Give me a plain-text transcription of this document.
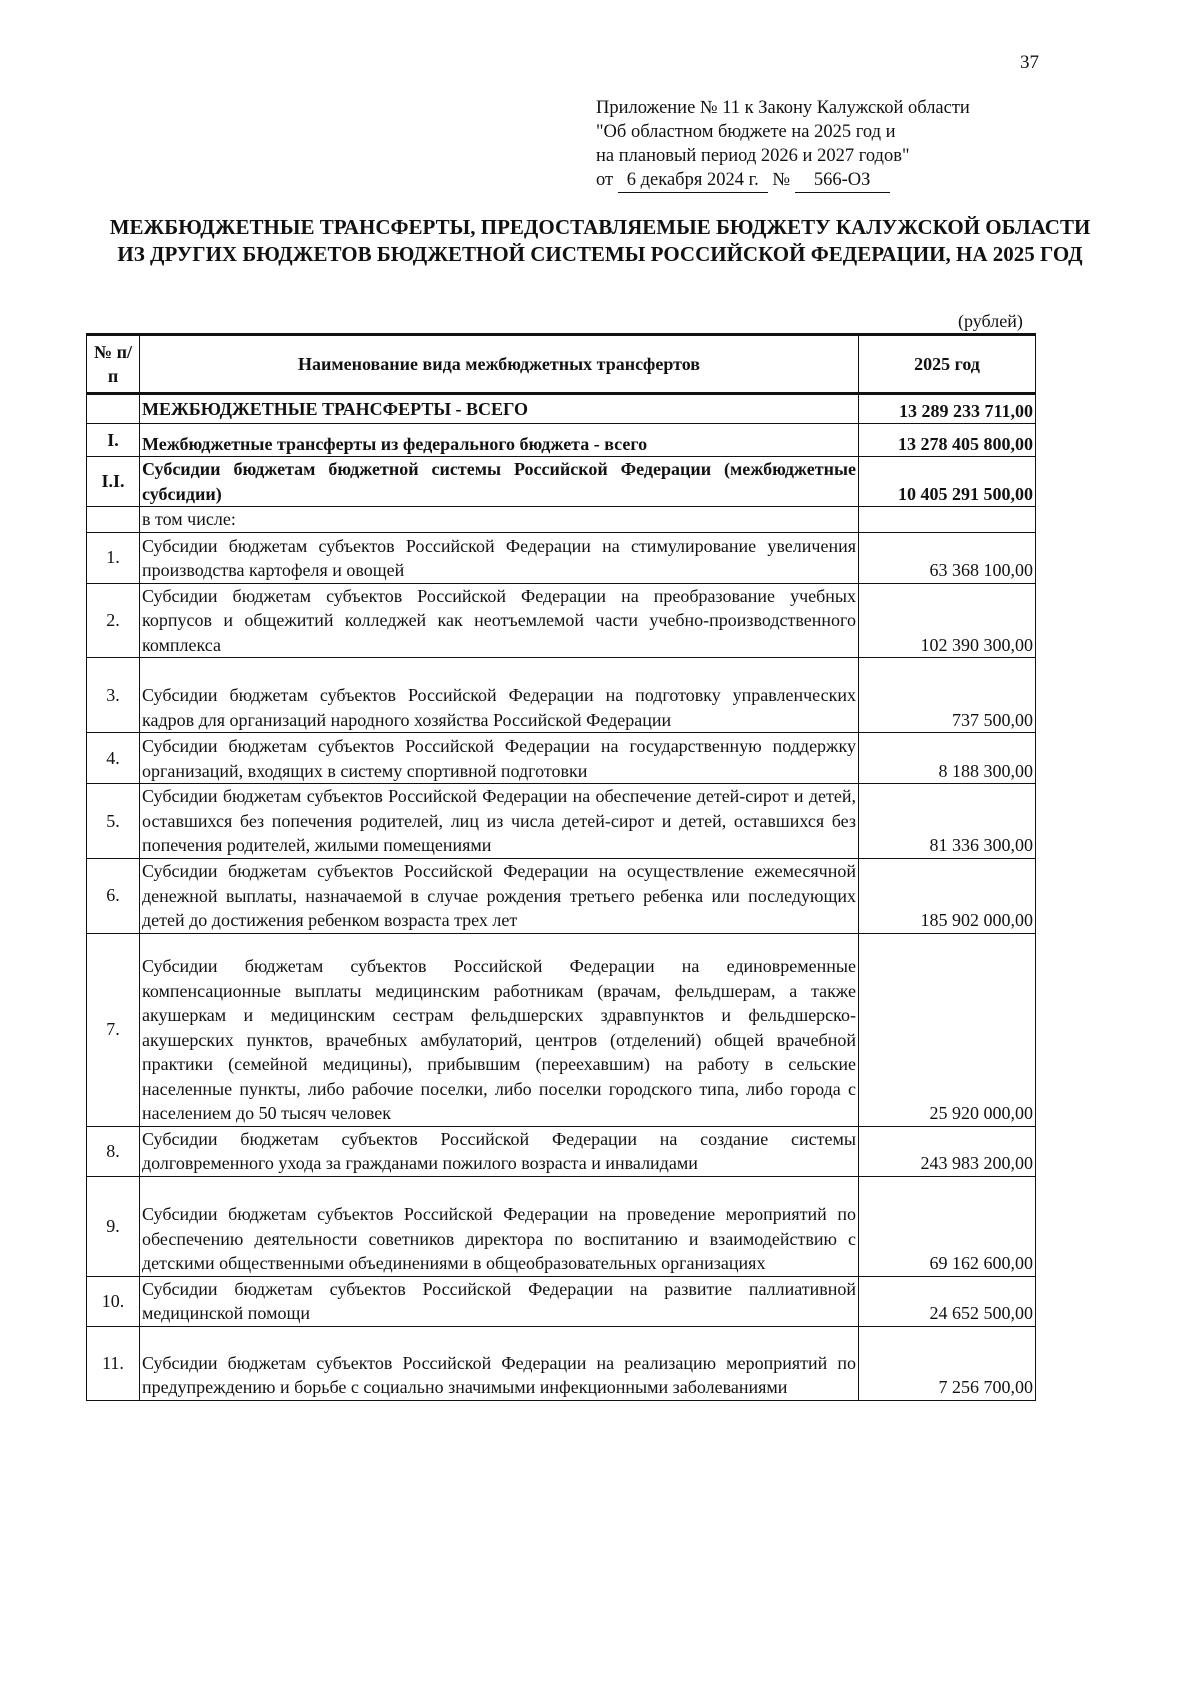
37
Приложение № 11 к Закону Калужской области
"Об областном бюджете на 2025 год и
на плановый период 2026 и 2027 годов"
от 6 декабря 2024 г. № 566-ОЗ
МЕЖБЮДЖЕТНЫЕ ТРАНСФЕРТЫ, ПРЕДОСТАВЛЯЕМЫЕ БЮДЖЕТУ КАЛУЖСКОЙ ОБЛАСТИ ИЗ ДРУГИХ БЮДЖЕТОВ БЮДЖЕТНОЙ СИСТЕМЫ РОССИЙСКОЙ ФЕДЕРАЦИИ, НА 2025 ГОД
(рублей)
№ п/п	Наименование вида межбюджетных трансфертов	2025 год
	МЕЖБЮДЖЕТНЫЕ ТРАНСФЕРТЫ - ВСЕГО	13 289 233 711,00
I.	Межбюджетные трансферты из федерального бюджета - всего	13 278 405 800,00
I.I.	Субсидии бюджетам бюджетной системы Российской Федерации (межбюджетные субсидии)	10 405 291 500,00
	в том числе:	
1.	Субсидии бюджетам субъектов Российской Федерации на стимулирование увеличения производства картофеля и овощей	63 368 100,00
2.	Субсидии бюджетам субъектов Российской Федерации на преобразование учебных корпусов и общежитий колледжей как неотъемлемой части учебно-производственного комплекса	102 390 300,00
3.	Субсидии бюджетам субъектов Российской Федерации на подготовку управленческих кадров для организаций народного хозяйства Российской Федерации	737 500,00
4.	Субсидии бюджетам субъектов Российской Федерации на государственную поддержку организаций, входящих в систему спортивной подготовки	8 188 300,00
5.	Субсидии бюджетам субъектов Российской Федерации на обеспечение детей-сирот и детей, оставшихся без попечения родителей, лиц из числа детей-сирот и детей, оставшихся без попечения родителей, жилыми помещениями	81 336 300,00
6.	Субсидии бюджетам субъектов Российской Федерации на осуществление ежемесячной денежной выплаты, назначаемой в случае рождения третьего ребенка или последующих детей до достижения ребенком возраста трех лет	185 902 000,00
7.	Субсидии бюджетам субъектов Российской Федерации на единовременные компенсационные выплаты медицинским работникам (врачам, фельдшерам, а также акушеркам и медицинским сестрам фельдшерских здравпунктов и фельдшерско-акушерских пунктов, врачебных амбулаторий, центров (отделений) общей врачебной практики (семейной медицины), прибывшим (переехавшим) на работу в сельские населенные пункты, либо рабочие поселки, либо поселки городского типа, либо города с населением до 50 тысяч человек	25 920 000,00
8.	Субсидии бюджетам субъектов Российской Федерации на создание системы долговременного ухода за гражданами пожилого возраста и инвалидами	243 983 200,00
9.	Субсидии бюджетам субъектов Российской Федерации на проведение мероприятий по обеспечению деятельности советников директора по воспитанию и взаимодействию с детскими общественными объединениями в общеобразовательных организациях	69 162 600,00
10.	Субсидии бюджетам субъектов Российской Федерации на развитие паллиативной медицинской помощи	24 652 500,00
11.	Субсидии бюджетам субъектов Российской Федерации на реализацию мероприятий по предупреждению и борьбе с социально значимыми инфекционными заболеваниями	7 256 700,00
